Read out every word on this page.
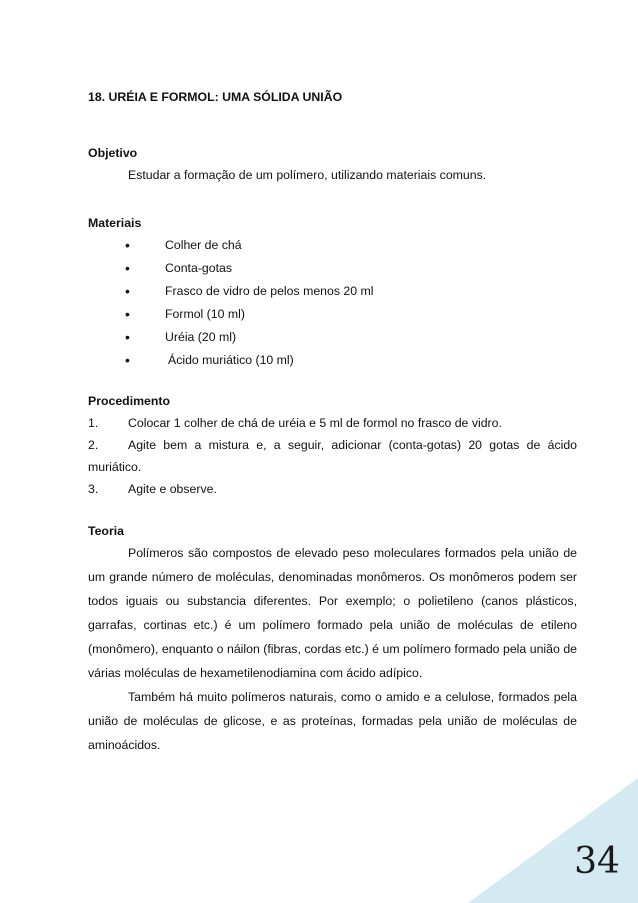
18. URÉIA E FORMOL: UMA SÓLIDA UNIÃO
Objetivo
Estudar a formação de um polímero, utilizando materiais comuns.
Materiais
•	Colher de chá
•	Conta-gotas
•	Frasco de vidro de pelos menos 20 ml
•	Formol (10 ml)
•	Uréia (20 ml)
•	Ácido muriático (10 ml)
Procedimento
1. Colocar 1 colher de chá de uréia e 5 ml de formol no frasco de vidro.
2. Agite bem a mistura e, a seguir, adicionar (conta-gotas) 20 gotas de ácido muriático.
3. Agite e observe.
Teoria

Polímeros são compostos de elevado peso moleculares formados pela união de um grande número de moléculas, denominadas monômeros. Os monômeros podem ser todos iguais ou substancia diferentes. Por exemplo; o polietileno (canos plásticos, garrafas, cortinas etc.) é um polímero formado pela união de moléculas de etileno (monômero), enquanto o náilon (fibras, cordas etc.) é um polímero formado pela união de várias moléculas de hexametilenodiamina com ácido adípico.

Também há muito polímeros naturais, como o amido e a celulose, formados pela união de moléculas de glicose, e as proteínas, formadas pela união de moléculas de aminoácidos.

34
